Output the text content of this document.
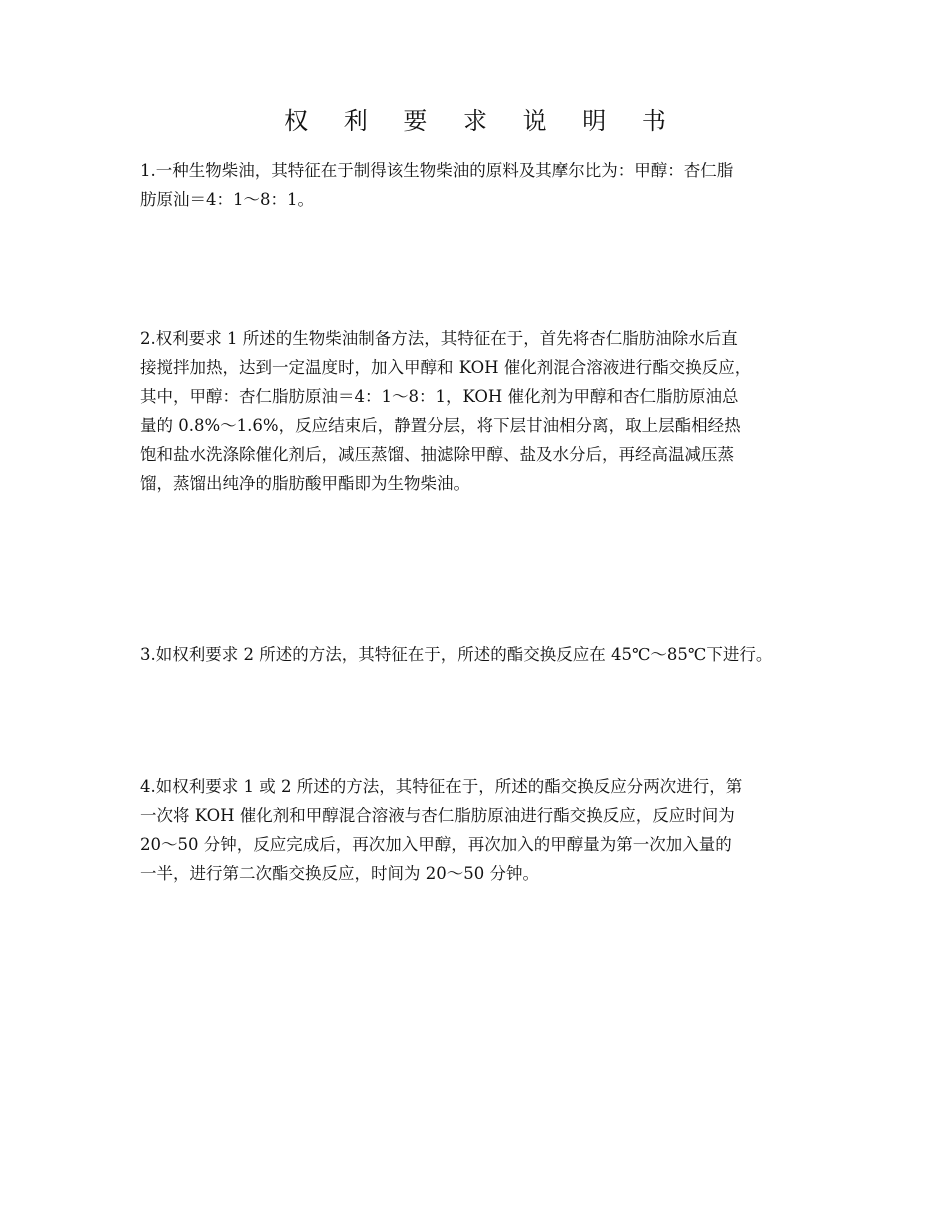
权 利 要 求 说 明 书
1.一种生物柴油，其特征在于制得该生物柴油的原料及其摩尔比为：甲醇：杏仁脂
肪原汕＝4：1～8：1。
2.权利要求 1 所述的生物柴油制备方法，其特征在于，首先将杏仁脂肪油除水后直
接搅拌加热，达到一定温度时，加入甲醇和 KOH 催化剂混合溶液进行酯交换反应，
其中，甲醇：杏仁脂肪原油＝4：1～8：1，KOH 催化剂为甲醇和杏仁脂肪原油总
量的 0.8%～1.6%，反应结束后，静置分层，将下层甘油相分离，取上层酯相经热
饱和盐水洗涤除催化剂后，减压蒸馏、抽滤除甲醇、盐及水分后，再经高温减压蒸
馏，蒸馏出纯净的脂肪酸甲酯即为生物柴油。
3.如权利要求 2 所述的方法，其特征在于，所述的酯交换反应在 45℃～85℃下进行。
4.如权利要求 1 或 2 所述的方法，其特征在于，所述的酯交换反应分两次进行，第
一次将 KOH 催化剂和甲醇混合溶液与杏仁脂肪原油进行酯交换反应，反应时间为
20～50 分钟，反应完成后，再次加入甲醇，再次加入的甲醇量为第一次加入量的
一半，进行第二次酯交换反应，时间为 20～50 分钟。
